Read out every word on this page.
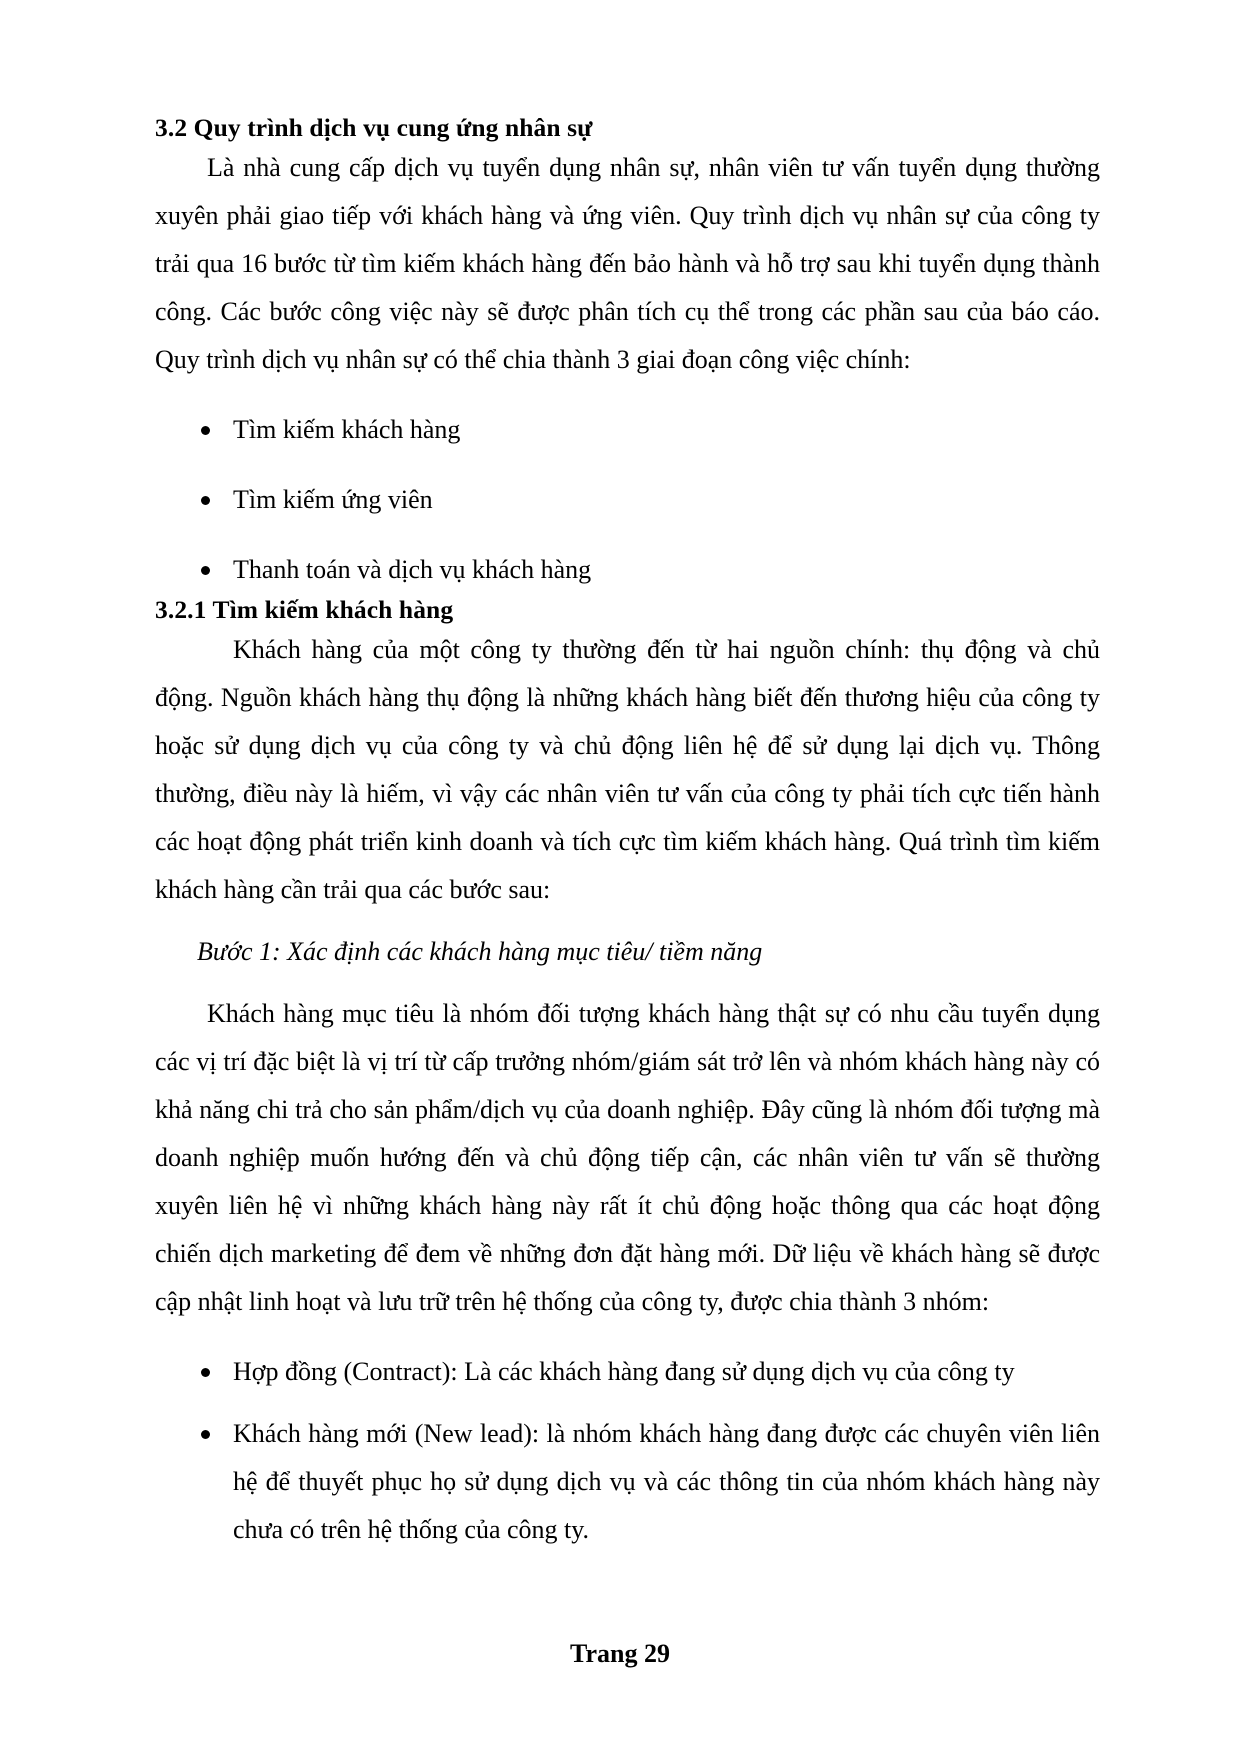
3.2 Quy trình dịch vụ cung ứng nhân sự

Là nhà cung cấp dịch vụ tuyển dụng nhân sự, nhân viên tư vấn tuyển dụng thường xuyên phải giao tiếp với khách hàng và ứng viên. Quy trình dịch vụ nhân sự của công ty trải qua 16 bước từ tìm kiếm khách hàng đến bảo hành và hỗ trợ sau khi tuyển dụng thành công. Các bước công việc này sẽ được phân tích cụ thể trong các phần sau của báo cáo. Quy trình dịch vụ nhân sự có thể chia thành 3 giai đoạn công việc chính:

Tìm kiếm khách hàng
Tìm kiếm ứng viên
Thanh toán và dịch vụ khách hàng
3.2.1 Tìm kiếm khách hàng

Khách hàng của một công ty thường đến từ hai nguồn chính: thụ động và chủ động. Nguồn khách hàng thụ động là những khách hàng biết đến thương hiệu của công ty hoặc sử dụng dịch vụ của công ty và chủ động liên hệ để sử dụng lại dịch vụ. Thông thường, điều này là hiếm, vì vậy các nhân viên tư vấn của công ty phải tích cực tiến hành các hoạt động phát triển kinh doanh và tích cực tìm kiếm khách hàng. Quá trình tìm kiếm khách hàng cần trải qua các bước sau:

Bước 1: Xác định các khách hàng mục tiêu/ tiềm năng

Khách hàng mục tiêu là nhóm đối tượng khách hàng thật sự có nhu cầu tuyển dụng các vị trí đặc biệt là vị trí từ cấp trưởng nhóm/giám sát trở lên và nhóm khách hàng này có khả năng chi trả cho sản phẩm/dịch vụ của doanh nghiệp. Đây cũng là nhóm đối tượng mà doanh nghiệp muốn hướng đến và chủ động tiếp cận, các nhân viên tư vấn sẽ thường xuyên liên hệ vì những khách hàng này rất ít chủ động hoặc thông qua các hoạt động chiến dịch marketing để đem về những đơn đặt hàng mới. Dữ liệu về khách hàng sẽ được cập nhật linh hoạt và lưu trữ trên hệ thống của công ty, được chia thành 3 nhóm:

Hợp đồng (Contract): Là các khách hàng đang sử dụng dịch vụ của công ty
Khách hàng mới (New lead): là nhóm khách hàng đang được các chuyên viên liên hệ để thuyết phục họ sử dụng dịch vụ và các thông tin của nhóm khách hàng này chưa có trên hệ thống của công ty.
Trang 29
